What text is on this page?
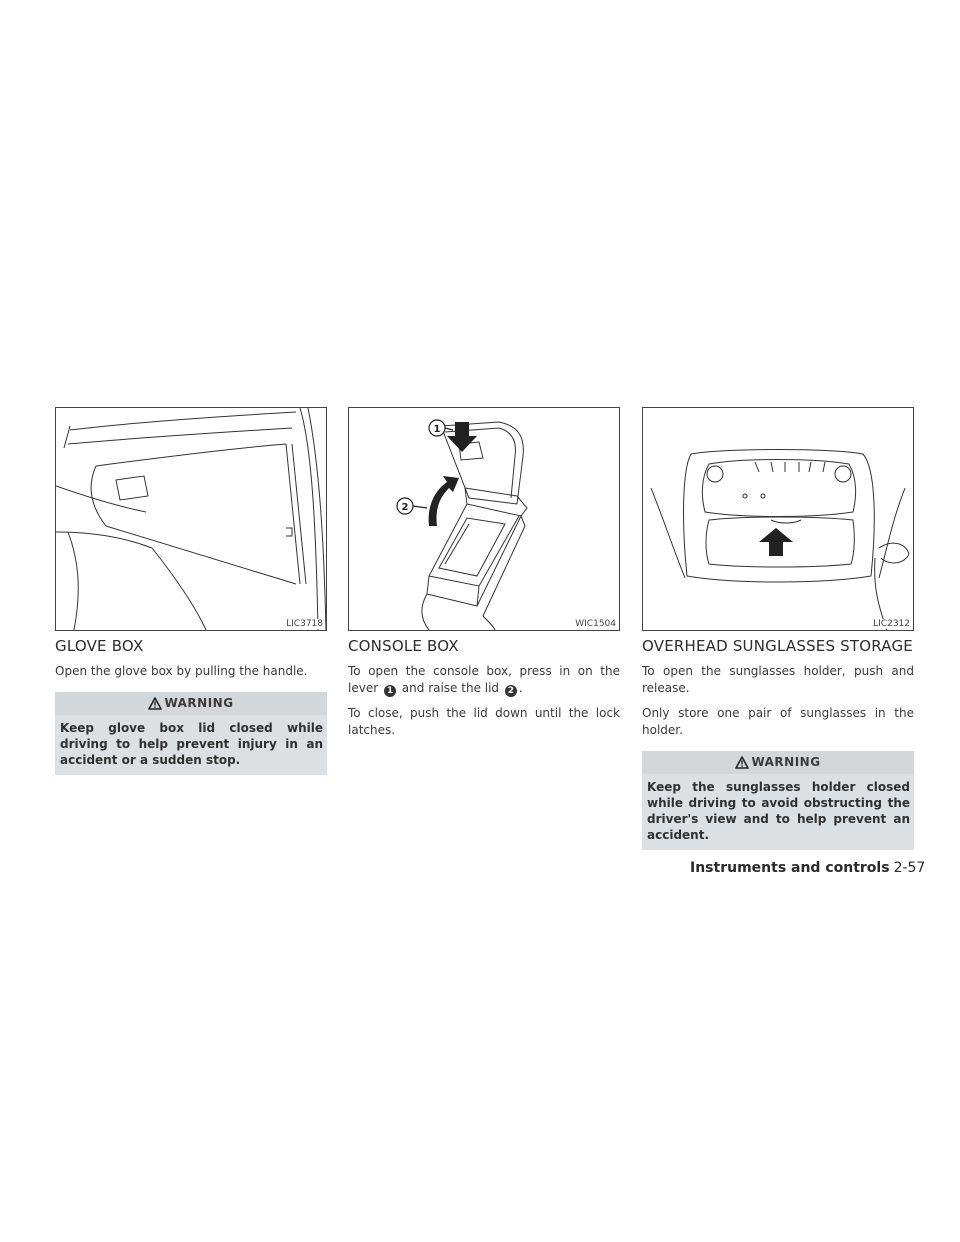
LIC3718
GLOVE BOX

Open the glove box by pulling the handle.

WARNING
Keep glove box lid closed while driving to help prevent injury in an accident or a sudden stop.
1
2
WIC1504
CONSOLE BOX

To open the console box, press in on the lever 1 and raise the lid 2 .

To close, push the lid down until the lock latches.

LIC2312
OVERHEAD SUNGLASSES STORAGE

To open the sunglasses holder, push and release.

Only store one pair of sunglasses in the holder.

WARNING
Keep the sunglasses holder closed while driving to avoid obstructing the driver's view and to help prevent an accident.
Instruments and controls 2-57
